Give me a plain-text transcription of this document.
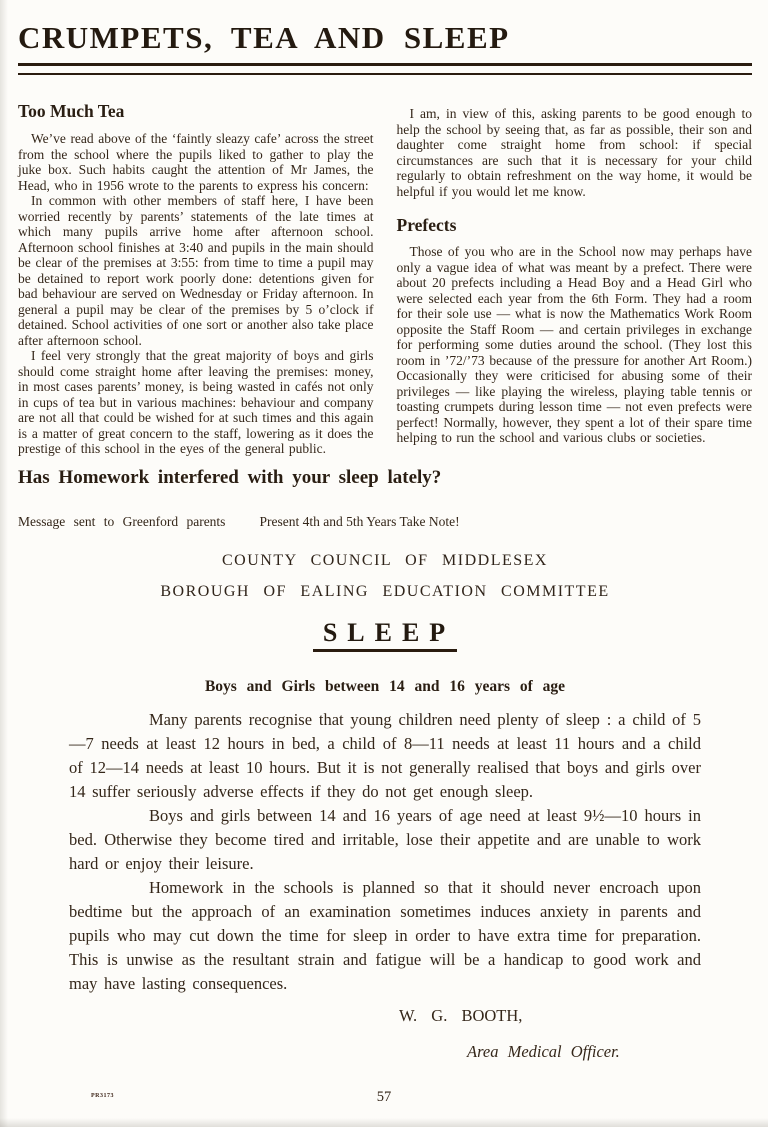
CRUMPETS, TEA AND SLEEP
Too Much Tea

We’ve read above of the ‘faintly sleazy cafe’ across the street from the school where the pupils liked to gather to play the juke box. Such habits caught the attention of Mr James, the Head, who in 1956 wrote to the parents to express his concern:

In common with other members of staff here, I have been worried recently by parents’ statements of the late times at which many pupils arrive home after afternoon school. Afternoon school finishes at 3:40 and pupils in the main should be clear of the premises at 3:55: from time to time a pupil may be detained to report work poorly done: detentions given for bad behaviour are served on Wednesday or Friday afternoon. In general a pupil may be clear of the premises by 5 o’clock if detained. School activities of one sort or another also take place after afternoon school.

I feel very strongly that the great majority of boys and girls should come straight home after leaving the premises: money, in most cases parents’ money, is being wasted in cafés not only in cups of tea but in various machines: behaviour and company are not all that could be wished for at such times and this again is a matter of great concern to the staff, lowering as it does the prestige of this school in the eyes of the general public.

I am, in view of this, asking parents to be good enough to help the school by seeing that, as far as possible, their son and daughter come straight home from school: if special circumstances are such that it is necessary for your child regularly to obtain refreshment on the way home, it would be helpful if you would let me know.

Prefects

Those of you who are in the School now may perhaps have only a vague idea of what was meant by a prefect. There were about 20 prefects including a Head Boy and a Head Girl who were selected each year from the 6th Form. They had a room for their sole use — what is now the Mathematics Work Room opposite the Staff Room — and certain privileges in exchange for performing some duties around the school. (They lost this room in ’72/’73 because of the pressure for another Art Room.) Occasionally they were criticised for abusing some of their privileges — like playing the wireless, playing table tennis or toasting crumpets during lesson time — not even prefects were perfect! Normally, however, they spent a lot of their spare time helping to run the school and various clubs or societies.

Has Homework interfered with your sleep lately?
Message sent to Greenford parents	Present 4th and 5th Years Take Note!
COUNTY COUNCIL OF MIDDLESEX
BOROUGH OF EALING EDUCATION COMMITTEE
SLEEP
Boys and Girls between 14 and 16 years of age

Many parents recognise that young children need plenty of sleep : a child of 5—7 needs at least 12 hours in bed, a child of 8—11 needs at least 11 hours and a child of 12—14 needs at least 10 hours. But it is not generally realised that boys and girls over 14 suffer seriously adverse effects if they do not get enough sleep.

Boys and girls between 14 and 16 years of age need at least 9½—10 hours in bed. Otherwise they become tired and irritable, lose their appetite and are unable to work hard or enjoy their leisure.

Homework in the schools is planned so that it should never encroach upon bedtime but the approach of an examination sometimes induces anxiety in parents and pupils who may cut down the time for sleep in order to have extra time for preparation. This is unwise as the resultant strain and fatigue will be a handicap to good work and may have lasting consequences.

W. G. BOOTH,
Area Medical Officer.
PR3173	57
